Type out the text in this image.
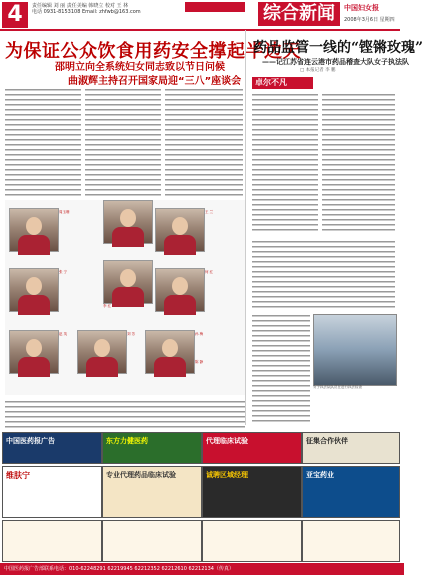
4	责任编辑 刘 丽 责任美编 韩晓立 校对 王 林
电话 0931-8153108 Email: zhfwb@163.com	综合新闻	中国妇女报
2008年3月6日 星期四
为保证公众饮食用药安全撑起半边天
邵明立向全系统妇女同志致以节日问候
曲淑辉主持召开国家局迎“三八”座谈会
周玉珊	王 兰
张 宁
李 红
何 红
赵 英	刘 芳	孙 梅
陈 静
药品监管一线的“铿锵玫瑰”
——记江苏省连云港市药品稽查大队女子执法队
□ 本报记者 李 鹏
卓尔不凡
女子执法队队员在进行执法检查
中国医药报广告	东方力健医药	代理临床试验	征集合作伙伴
维肤宁	专业代理药品临床试验	诚聘区域经理	亚宝药业
中国医药报广告部联系电话：010-62248291 62219945 62212352 62212610 62212134（传真）
